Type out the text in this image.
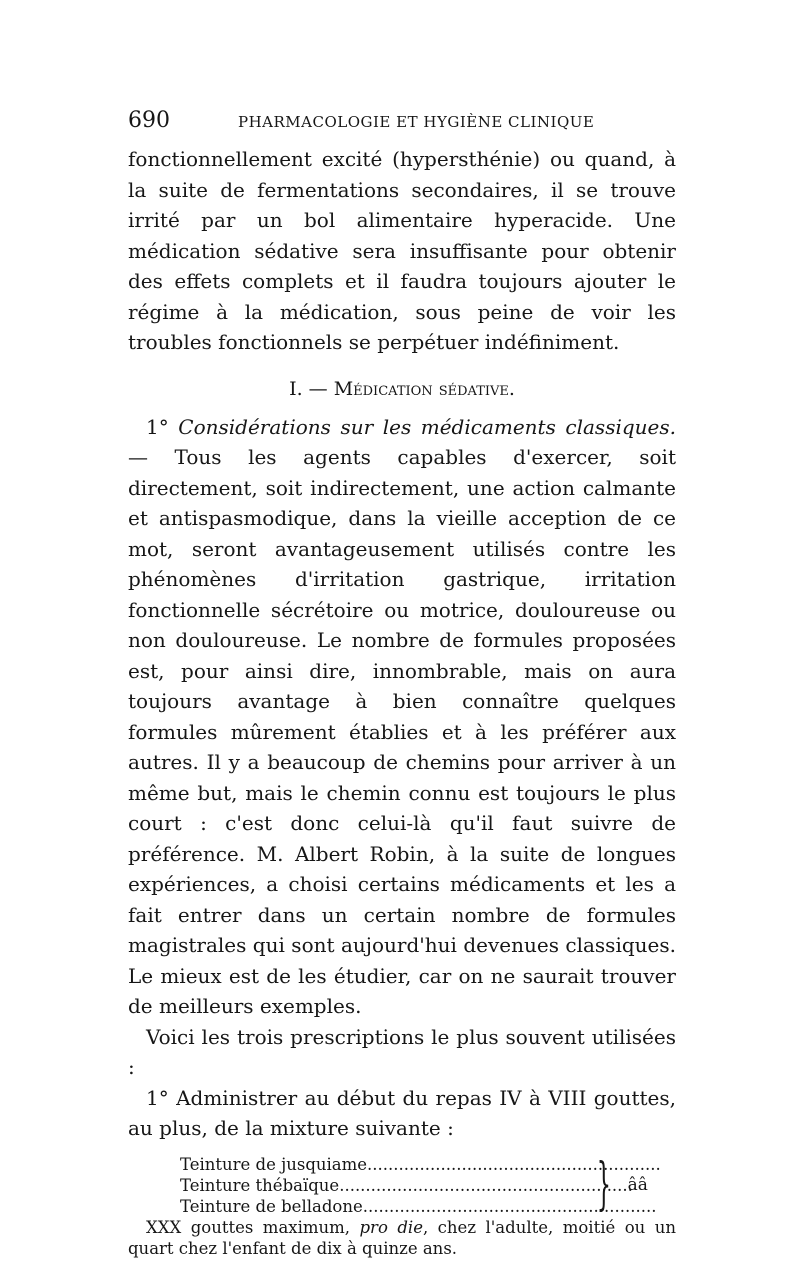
690	PHARMACOLOGIE ET HYGIÈNE CLINIQUE

fonctionnellement excité (hypersthénie) ou quand, à la suite de fermentations secondaires, il se trouve irrité par un bol alimentaire hyperacide. Une médication sédative sera insuffisante pour obtenir des effets complets et il faudra toujours ajouter le régime à la médication, sous peine de voir les troubles fonctionnels se perpétuer indéfiniment.

I. — Médication sédative.

1° Considérations sur les médicaments classiques. — Tous les agents capables d'exercer, soit directement, soit indirectement, une action calmante et antispasmodique, dans la vieille acception de ce mot, seront avantageusement utilisés contre les phénomènes d'irritation gastrique, irritation fonctionnelle sécrétoire ou motrice, douloureuse ou non douloureuse. Le nombre de formules proposées est, pour ainsi dire, innombrable, mais on aura toujours avantage à bien connaître quelques formules mûrement établies et à les préférer aux autres. Il y a beaucoup de chemins pour arriver à un même but, mais le chemin connu est toujours le plus court : c'est donc celui-là qu'il faut suivre de préférence. M. Albert Robin, à la suite de longues expériences, a choisi certains médicaments et les a fait entrer dans un certain nombre de formules magistrales qui sont aujourd'hui devenues classiques. Le mieux est de les étudier, car on ne saurait trouver de meilleurs exemples.

Voici les trois prescriptions le plus souvent utilisées :

1° Administrer au début du repas IV à VIII gouttes, au plus, de la mixture suivante :

Teinture de jusquiame ........................................................
Teinture thébaïque ........................................................
Teinture de belladone ........................................................
} ââ

XXX gouttes maximum, pro die, chez l'adulte, moitié ou un quart chez l'enfant de dix à quinze ans.
